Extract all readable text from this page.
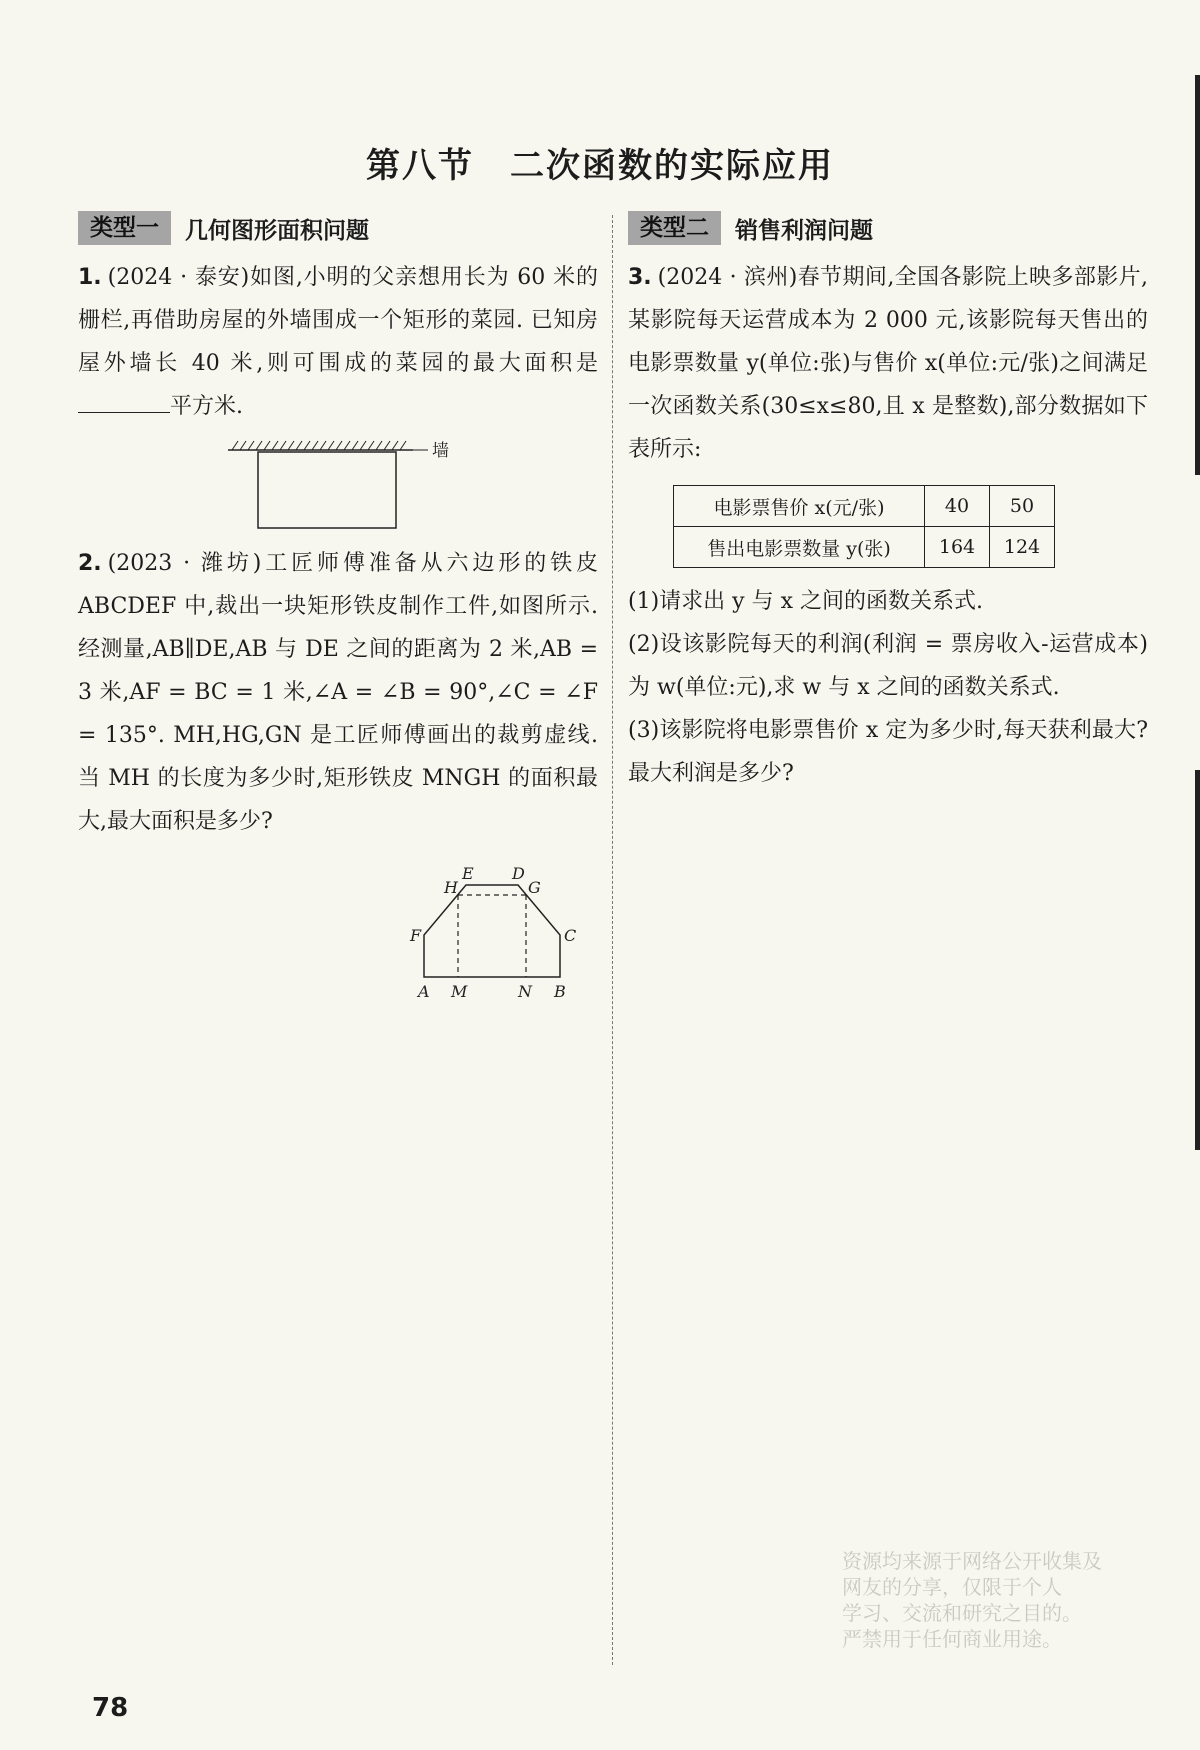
第八节　二次函数的实际应用
类型一	几何图形面积问题
1. (2024 · 泰安)如图,小明的父亲想用长为 60 米的栅栏,再借助房屋的外墙围成一个矩形的菜园. 已知房屋外墙长 40 米,则可围成的菜园的最大面积是平方米.
墙
2. (2023 · 潍坊)工匠师傅准备从六边形的铁皮 ABCDEF 中,裁出一块矩形铁皮制作工件,如图所示. 经测量,AB∥DE,AB 与 DE 之间的距离为 2 米,AB = 3 米,AF = BC = 1 米,∠A = ∠B = 90°,∠C = ∠F = 135°. MH,HG,GN 是工匠师傅画出的裁剪虚线. 当 MH 的长度为多少时,矩形铁皮 MNGH 的面积最大,最大面积是多少?
H
E D
G
F	C
A M	N B
类型二	销售利润问题
3. (2024 · 滨州)春节期间,全国各影院上映多部影片,某影院每天运营成本为 2 000 元,该影院每天售出的电影票数量 y(单位:张)与售价 x(单位:元/张)之间满足一次函数关系(30≤x≤80,且 x 是整数),部分数据如下表所示:
电影票售价 x(元/张)	40	50
售出电影票数量 y(张)	164	124
(1)请求出 y 与 x 之间的函数关系式.
(2)设该影院每天的利润(利润 = 票房收入-运营成本)为 w(单位:元),求 w 与 x 之间的函数关系式.
(3)该影院将电影票售价 x 定为多少时,每天获利最大? 最大利润是多少?
资源均来源于网络公开收集及
网友的分享，仅限于个人
学习、交流和研究之目的。
严禁用于任何商业用途。
78
